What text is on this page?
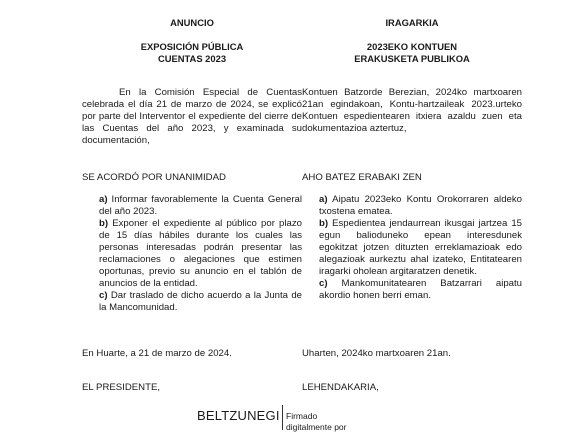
ANUNCIO
EXPOSICIÓN PÚBLICA
CUENTAS 2023
En la Comisión Especial de Cuentas celebrada el día 21 de marzo de 2024, se explicó por parte del Interventor el expediente del cierre de las Cuentas del año 2023, y examinada su documentación,
SE ACORDÓ POR UNANIMIDAD

a) Informar favorablemente la Cuenta General del año 2023.

b) Exponer el expediente al público por plazo de 15 días hábiles durante los cuales las personas interesadas podrán presentar las reclamaciones o alegaciones que estimen oportunas, previo su anuncio en el tablón de anuncios de la entidad.

c) Dar traslado de dicho acuerdo a la Junta de la Mancomunidad.

En Huarte, a 21 de marzo de 2024.
EL PRESIDENTE,
IRAGARKIA
2023EKO KONTUEN
ERAKUSKETA PUBLIKOA
Kontuen Batzorde Berezian, 2024ko martxoaren 21an egindakoan, Kontu-hartzaileak 2023.urteko Kontuen espedientearen itxiera azaldu zuen eta dokumentazioa aztertuz,
AHO BATEZ ERABAKI ZEN

a) Aipatu 2023eko Kontu Orokorraren aldeko txostena ematea.

b) Espedientea jendaurrean ikusgai jartzea 15 egun balioduneko epean interesdunek egokitzat jotzen dituzten erreklamazioak edo alegazioak aurkeztu ahal izateko, Entitatearen iragarki oholean argitaratzen denetik.

c) Mankomunitatearen Batzarrari aipatu akordio honen berri eman.

Uharten, 2024ko martxoaren 21an.
LEHENDAKARIA,
BELTZUNEGI Firmado
digitalmente por
